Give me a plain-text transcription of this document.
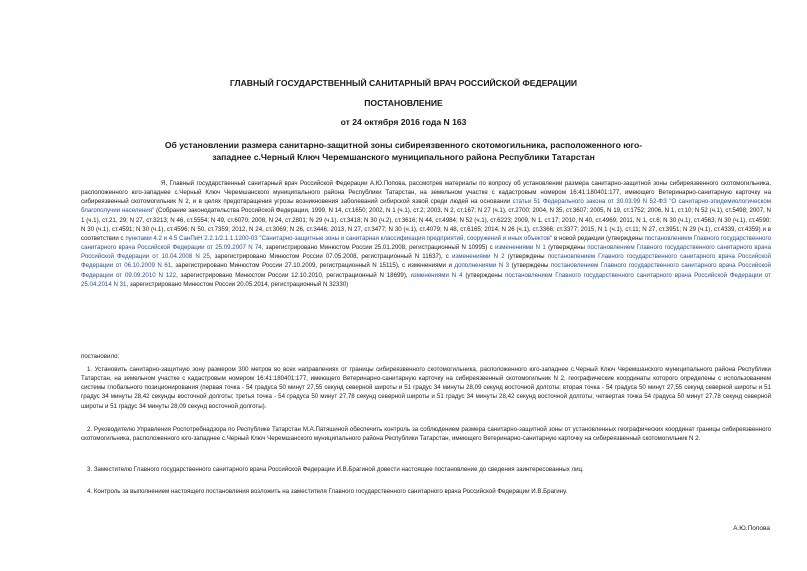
ГЛАВНЫЙ ГОСУДАРСТВЕННЫЙ САНИТАРНЫЙ ВРАЧ РОССИЙСКОЙ ФЕДЕРАЦИИ

ПОСТАНОВЛЕНИЕ

от 24 октября 2016 года N 163

Об установлении размера санитарно-защитной зоны сибиреязвенного скотомогильника, расположенного юго-западнее с.Черный Ключ Черемшанского муниципального района Республики Татарстан

Я, Главный государственный санитарный врач Российской Федерации А.Ю.Попова, рассмотрев материалы по вопросу об установлении размера санитарно-защитной зоны сибиреязвенного скотомогильника, расположенного юго-западнее с.Черный Ключ Черемшанского муниципального района Республики Татарстан, на земельном участке с кадастровым номером 16:41:180401:177, имеющего Ветеринарно-санитарную карточку на сибиреязвенный скотомогильник N 2, и в целях предотвращения угрозы возникновения заболеваний сибирской язвой среди людей на основании статьи 51 Федерального закона от 30.03.99 N 52-ФЗ "О санитарно-эпидемиологическом благополучии населения" (Собрание законодательства Российской Федерации, 1999, N 14, ст.1650; 2002, N 1 (ч.1), ст.2; 2003, N 2, ст.167; N 27 (ч.1), ст.2700; 2004, N 35, ст.3607; 2005, N 19, ст.1752; 2006, N 1, ст.10; N 52 (ч.1), ст.5498; 2007, N 1 (ч.1), ст.21, 29; N 27, ст.3213; N 46, ст.5554; N 49, ст.6070; 2008, N 24, ст.2801; N 29 (ч.1), ст.3418; N 30 (ч.2), ст.3616; N 44, ст.4984; N 52 (ч.1), ст.6223; 2009, N 1, ст.17; 2010, N 40, ст.4969; 2011, N 1, ст.6; N 30 (ч.1), ст.4563; N 30 (ч.1), ст.4590; N 30 (ч.1), ст.4591; N 30 (ч.1), ст.4596; N 50, ст.7359; 2012, N 24, ст.3069; N 26, ст.3446; 2013, N 27, ст.3477; N 30 (ч.1), ст.4079; N 48, ст.6165; 2014, N 26 (ч.1), ст.3366; ст.3377; 2015, N 1 (ч.1), ст.11; N 27, ст.3951; N 29 (ч.1), ст.4339, ст.4359) и в соответствии с пунктами 4.2 и 4.5 СанПиН 2.2.1/2.1.1.1200-03 "Санитарно-защитные зоны и санитарная классификация предприятий, сооружений и иных объектов" в новой редакции (утверждены постановлением Главного государственного санитарного врача Российской Федерации от 25.09.2007 N 74, зарегистрировано Минюстом России 25.01.2008, регистрационный N 10995) с изменениями N 1 (утверждены постановлением Главного государственного санитарного врача Российской Федерации от 10.04.2008 N 25, зарегистрировано Минюстом России 07.05.2008, регистрационный N 11637), с изменениями N 2 (утверждены постановлением Главного государственного санитарного врача Российской Федерации от 06.10.2009 N 61, зарегистрировано Минюстом России 27.10.2009, регистрационный N 15115), с изменениями и дополнениями N 3 (утверждены постановлением Главного государственного санитарного врача Российской Федерации от 09.09.2010 N 122, зарегистрировано Минюстом России 12.10.2010, регистрационный N 18699), изменениями N 4 (утверждены постановлением Главного государственного санитарного врача Российской Федерации от 25.04.2014 N 31, зарегистрировано Минюстом России 20.05.2014, регистрационный N 32330)

постановило:

1. Установить санитарно-защитную зону размером 300 метров во всех направлениях от границы сибиреязвенного скотомогильника, расположенного юго-западнее с.Черный Ключ Черемшанского муниципального района Республики Татарстан, на земельном участке с кадастровым номером 16:41:180401:177, имеющего Ветеринарно-санитарную карточку на сибиреязвенный скотомогильник N 2, географические координаты которого определены с использованием системы глобального позиционирования (первая точка - 54 градуса 50 минут 27,55 секунд северной широты и 51 градус 34 минуты 28,09 секунд восточной долготы; вторая точка - 54 градуса 50 минут 27,55 секунд северной широты и 51 градус 34 минуты 28,42 секунды восточной долготы; третья точка - 54 градуса 50 минут 27,78 секунд северной широты и 51 градус 34 минуты 28,42 секунд восточной долготы; четвертая точка 54 градуса 50 минут 27,78 секунд северной широты и 51 градус 34 минуты 28,09 секунд восточной долготы).

2. Руководителю Управления Роспотребнадзора по Республике Татарстан М.А.Патяшиной обеспечить контроль за соблюдением размера санитарно-защитной зоны от установленных географических координат границы сибиреязвенного скотомогильника, расположенного юго-западнее с.Черный Ключ Черемшанского муниципального района Республики Татарстан, имеющего Ветеринарно-санитарную карточку на сибиреязвенный скотомогильник N 2.

3. Заместителю Главного государственного санитарного врача Российской Федерации И.В.Брагиной довести настоящее постановление до сведения заинтересованных лиц.

4. Контроль за выполнением настоящего постановления возложить на заместителя Главного государственного санитарного врача Российской Федерации И.В.Брагину.

А.Ю.Попова
